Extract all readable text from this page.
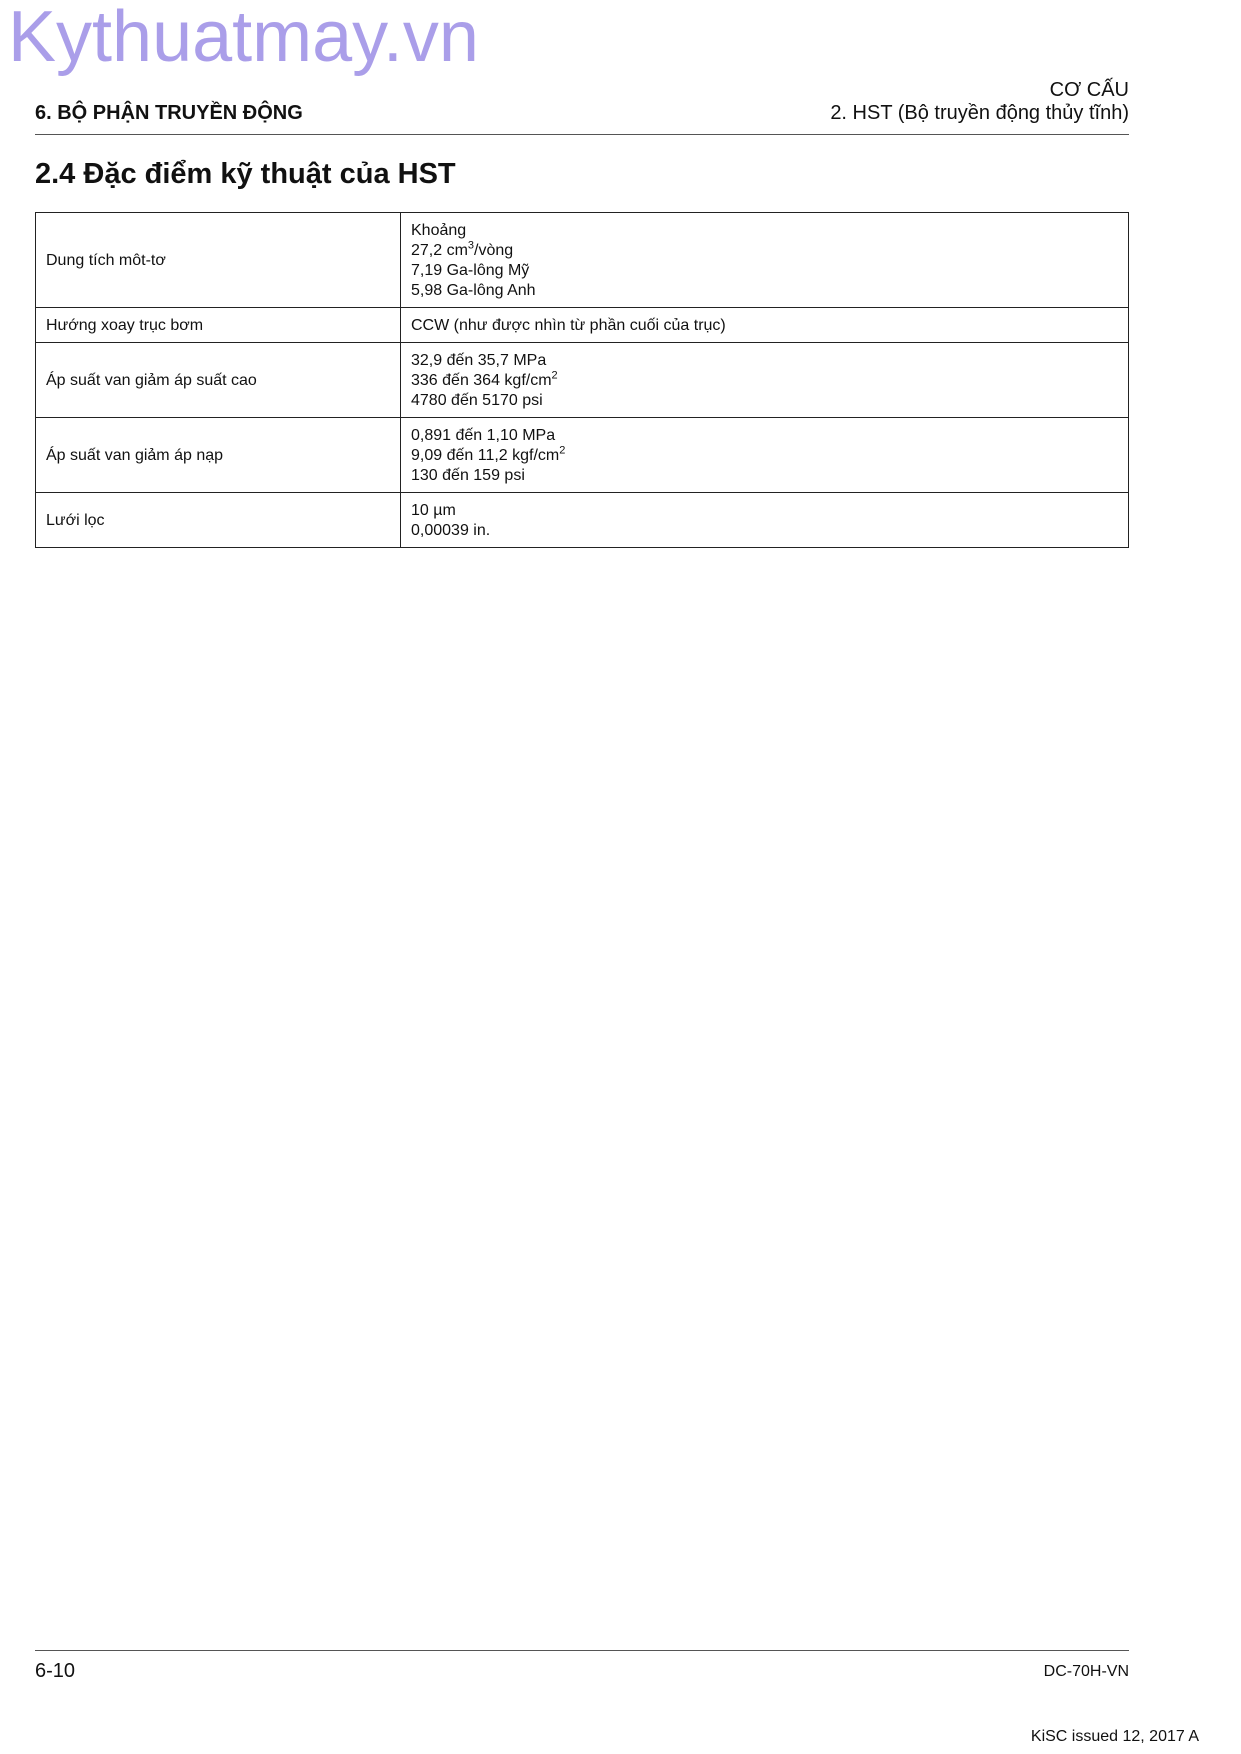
Kythuatmay.vn
6. BỘ PHẬN TRUYỀN ĐỘNG
CƠ CẤU
2. HST (Bộ truyền động thủy tĩnh)
2.4 Đặc điểm kỹ thuật của HST
Dung tích môt-tơ	Khoảng
27,2 $cm^3$/vòng
7,19 Ga-lông Mỹ
5,98 Ga-lông Anh

Hướng xoay trục bơm	CCW (như được nhìn từ phần cuối của trục)

Áp suất van giảm áp suất cao	32,9 đến 35,7 MPa
336 đến 364 kgf/$cm^2$
4780 đến 5170 psi

Áp suất van giảm áp nạp	0,891 đến 1,10 MPa
9,09 đến 11,2 kgf/$cm^2$
130 đến 159 psi

Lưới lọc	10 µm
0,00039 in.
6-10	DC-70H-VN
KiSC issued 12, 2017 A
